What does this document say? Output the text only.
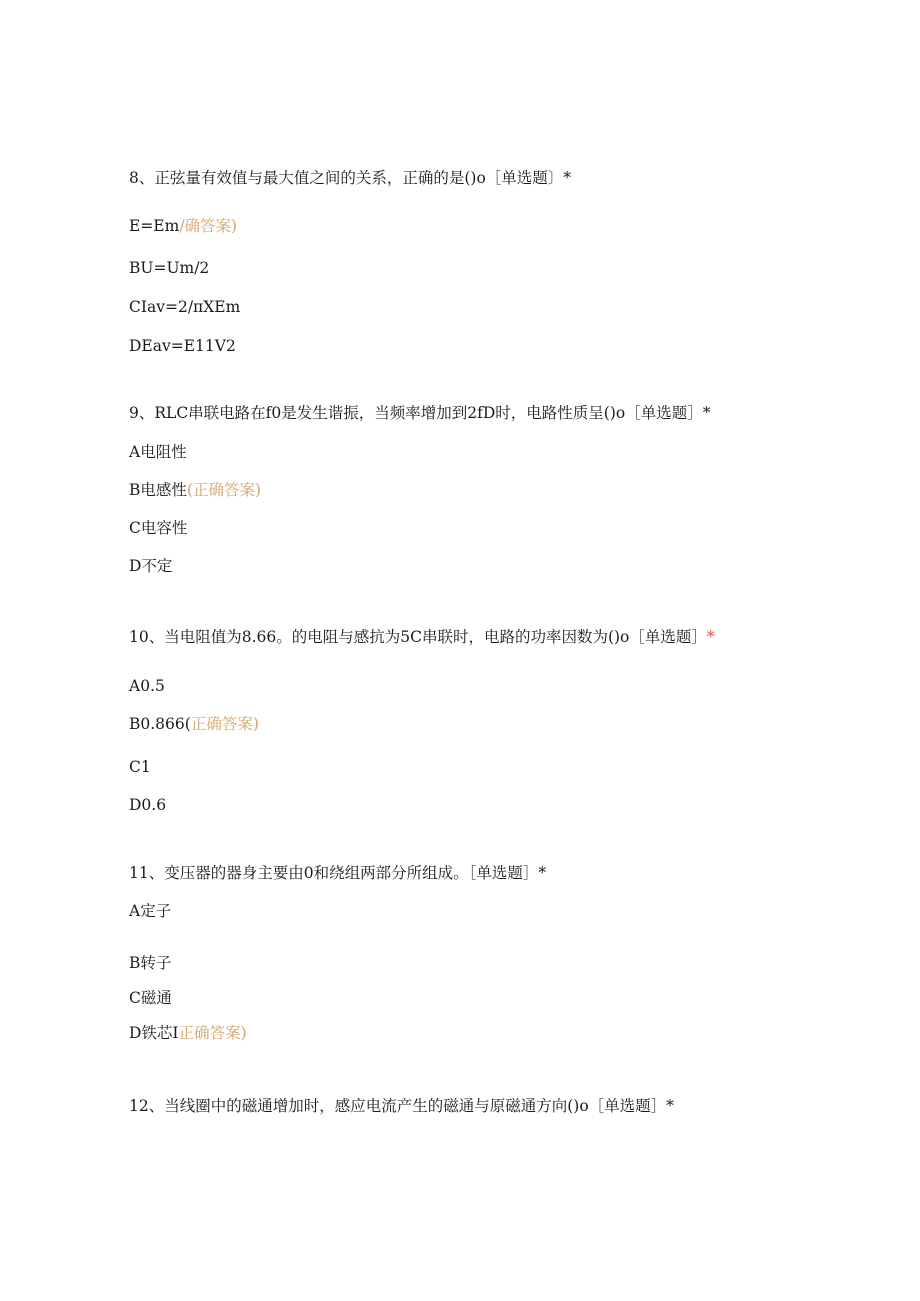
8、正弦量有效值与最大值之间的关系，正确的是()o［单选题〕*
E=Em/确答案)
BU=Um/2
CIav=2/πXEm
DEav=E11V2
9、RLC串联电路在f0是发生谐振，当频率增加到2fD时，电路性质呈()o［单选题］*
A电阻性
B电感性(正确答案)
C电容性
D不定
10、当电阻值为8.66。的电阻与感抗为5C串联时，电路的功率因数为()o［单选题］*
A0.5
B0.866(正确答案)
C1
D0.6
11、变压器的器身主要由0和绕组两部分所组成。［单选题］*
A定子
B转子
C磁通
D铁芯I正确答案)
12、当线圈中的磁通增加时，感应电流产生的磁通与原磁通方向()o［单选题］*
